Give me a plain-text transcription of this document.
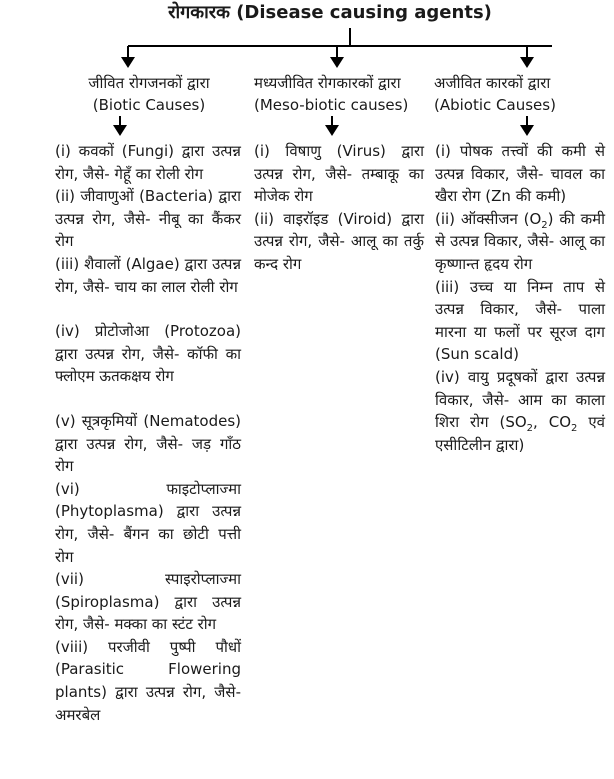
रोगकारक (Disease causing agents)
जीवित रोगजनकों द्वारा
(Biotic Causes)
मध्यजीवित रोगकारकों द्वारा
(Meso-biotic causes)
अजीवित कारकों द्वारा
(Abiotic Causes)

(i) कवकों (Fungi) द्वारा उत्पन्न रोग, जैसे- गेहूँ का रोली रोग

(ii) जीवाणुओं (Bacteria) द्वारा उत्पन्न रोग, जैसे- नीबू का कैंकर रोग

(iii) शैवालों (Algae) द्वारा उत्पन्न रोग, जैसे- चाय का लाल रोली रोग

(iv) प्रोटोजोआ (Protozoa) द्वारा उत्पन्न रोग, जैसे- कॉफी का फ्लोएम ऊतकक्षय रोग

(v) सूत्रकृमियों (Nematodes) द्वारा उत्पन्न रोग, जैसे- जड़ गाँठ रोग

(vi) फाइटोप्लाज्मा (Phytoplasma) द्वारा उत्पन्न रोग, जैसे- बैंगन का छोटी पत्ती रोग

(vii) स्पाइरोप्लाज्मा (Spiroplasma) द्वारा उत्पन्न रोग, जैसे- मक्का का स्टंट रोग

(viii) परजीवी पुष्पी पौधों (Parasitic Flowering plants) द्वारा उत्पन्न रोग, जैसे- अमरबेल

(i) विषाणु (Virus) द्वारा उत्पन्न रोग, जैसे- तम्बाकू का मोजेक रोग

(ii) वाइरॉइड (Viroid) द्वारा उत्पन्न रोग, जैसे- आलू का तर्कु कन्द रोग

(i) पोषक तत्त्वों की कमी से उत्पन्न विकार, जैसे- चावल का खैरा रोग (Zn की कमी)

(ii) ऑक्सीजन $(O_2)$ की कमी से उत्पन्न विकार, जैसे- आलू का कृष्णान्त हृदय रोग

(iii) उच्च या निम्न ताप से उत्पन्न विकार, जैसे- पाला मारना या फलों पर सूरज दाग (Sun scald)

(iv) वायु प्रदूषकों द्वारा उत्पन्न विकार, जैसे- आम का काला शिरा रोग ($SO_2$, $CO_2$ एवं एसीटिलीन द्वारा)
